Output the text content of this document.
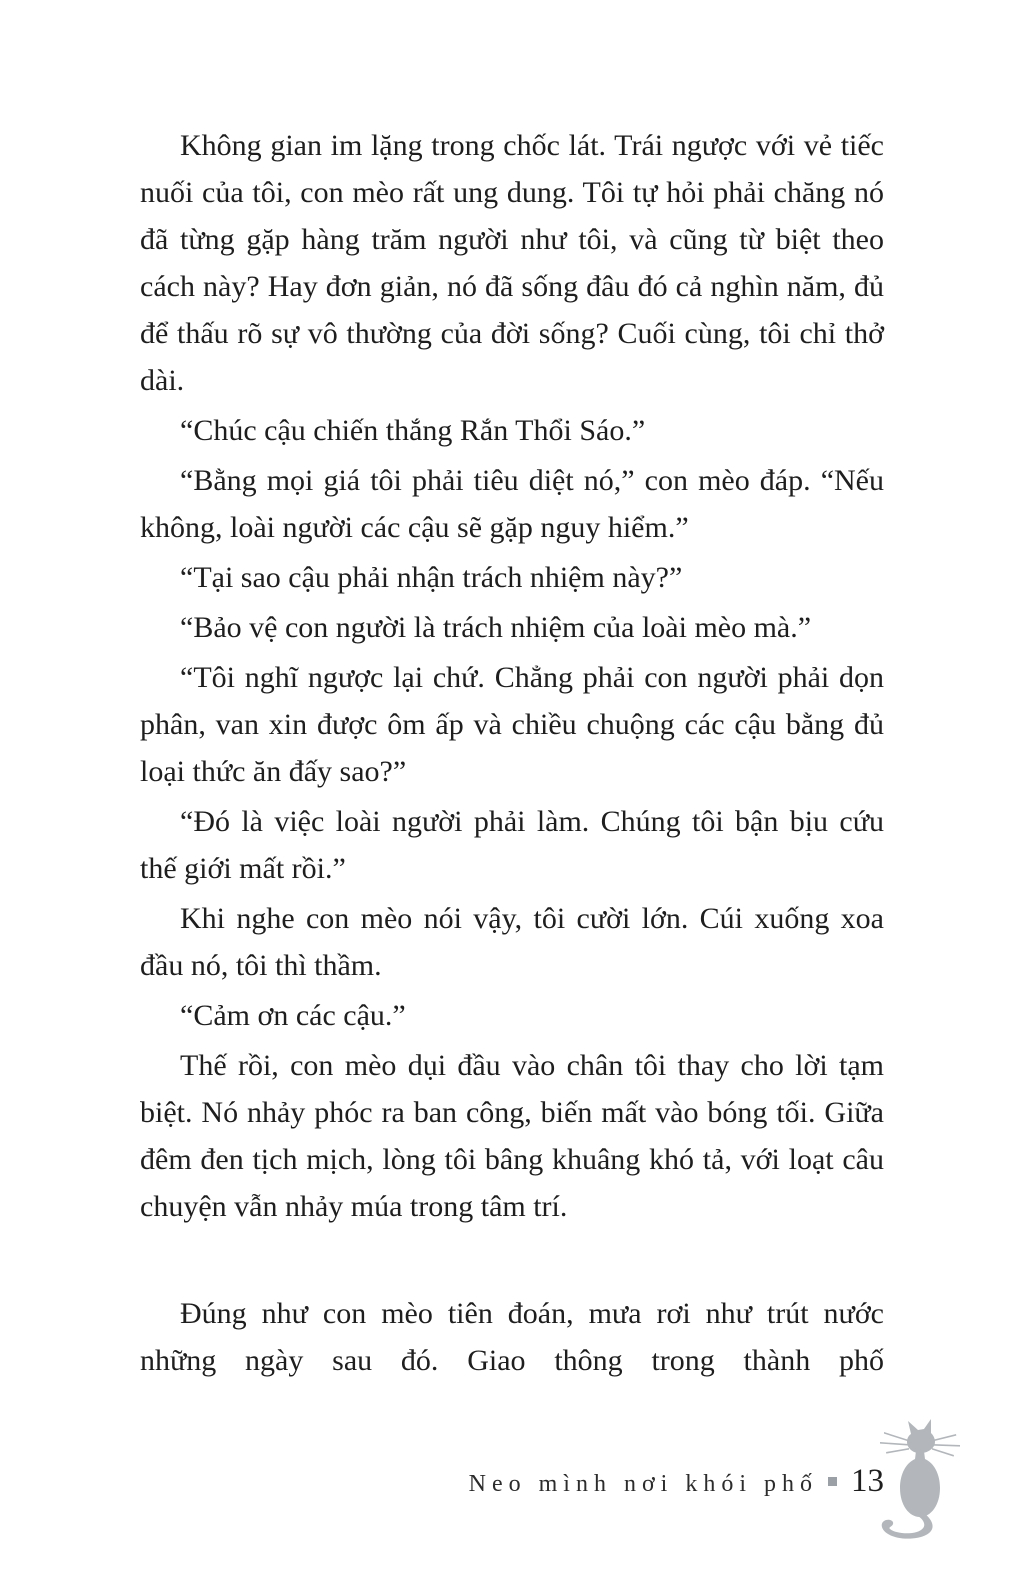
Không gian im lặng trong chốc lát. Trái ngược với vẻ tiếc nuối của tôi, con mèo rất ung dung. Tôi tự hỏi phải chăng nó đã từng gặp hàng trăm người như tôi, và cũng từ biệt theo cách này? Hay đơn giản, nó đã sống đâu đó cả nghìn năm, đủ để thấu rõ sự vô thường của đời sống? Cuối cùng, tôi chỉ thở dài.

“Chúc cậu chiến thắng Rắn Thổi Sáo.”

“Bằng mọi giá tôi phải tiêu diệt nó,” con mèo đáp. “Nếu không, loài người các cậu sẽ gặp nguy hiểm.”

“Tại sao cậu phải nhận trách nhiệm này?”

“Bảo vệ con người là trách nhiệm của loài mèo mà.”

“Tôi nghĩ ngược lại chứ. Chẳng phải con người phải dọn phân, van xin được ôm ấp và chiều chuộng các cậu bằng đủ loại thức ăn đấy sao?”

“Đó là việc loài người phải làm. Chúng tôi bận bịu cứu thế giới mất rồi.”

Khi nghe con mèo nói vậy, tôi cười lớn. Cúi xuống xoa đầu nó, tôi thì thầm.

“Cảm ơn các cậu.”

Thế rồi, con mèo dụi đầu vào chân tôi thay cho lời tạm biệt. Nó nhảy phóc ra ban công, biến mất vào bóng tối. Giữa đêm đen tịch mịch, lòng tôi bâng khuâng khó tả, với loạt câu chuyện vẫn nhảy múa trong tâm trí.

Đúng như con mèo tiên đoán, mưa rơi như trút nước những ngày sau đó. Giao thông trong thành phố

Neo mình nơi khói phố 13
